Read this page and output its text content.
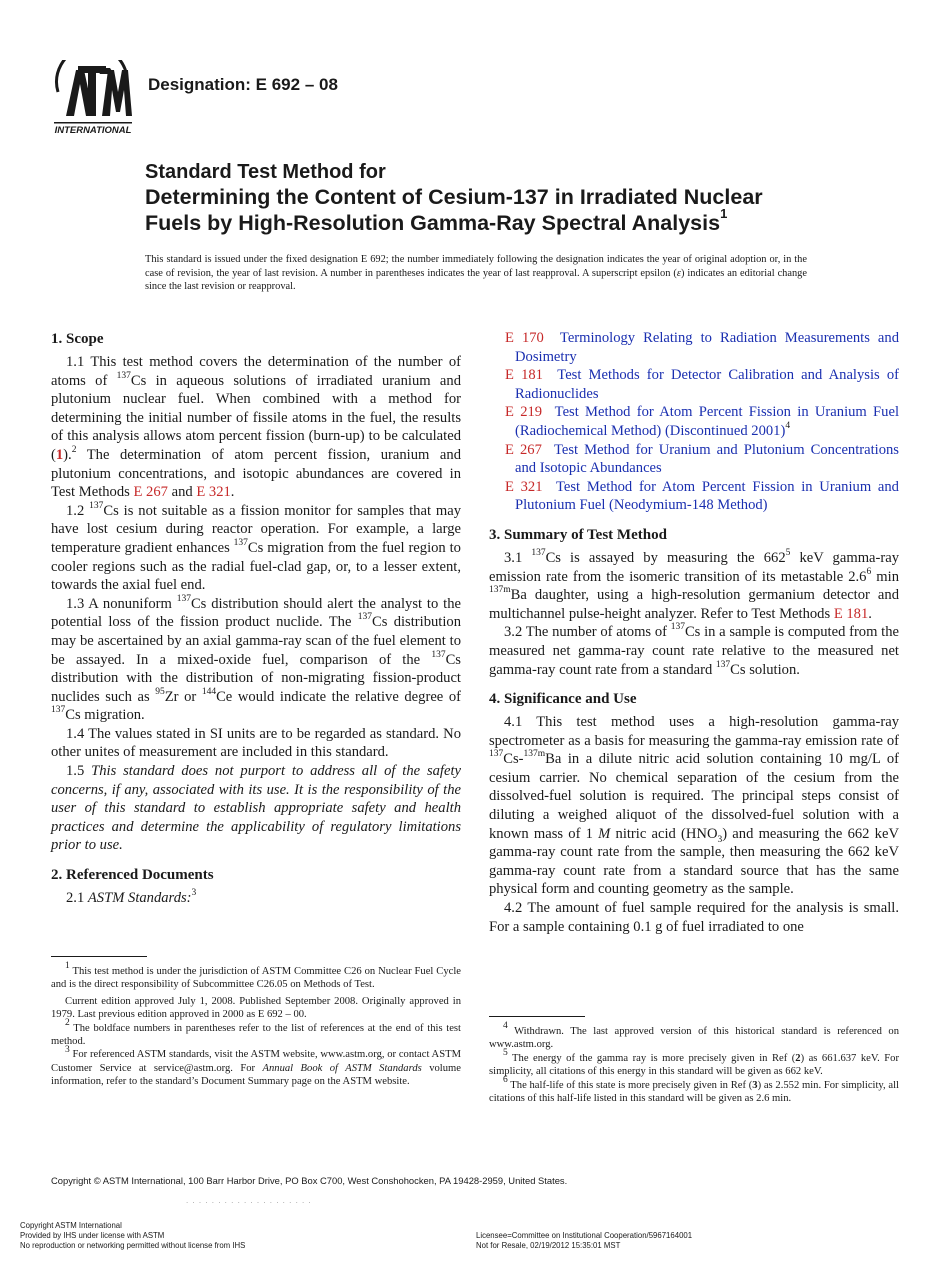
INTERNATIONAL
Designation: E 692 – 08
Standard Test Method for
Determining the Content of Cesium-137 in Irradiated Nuclear
Fuels by High-Resolution Gamma-Ray Spectral Analysis$^1$
This standard is issued under the fixed designation E 692; the number immediately following the designation indicates the year of original adoption or, in the case of revision, the year of last revision. A number in parentheses indicates the year of last reapproval. A superscript epsilon (ε) indicates an editorial change since the last revision or reapproval.
1. Scope

1.1 This test method covers the determination of the number of atoms of $^{137}$Cs in aqueous solutions of irradiated uranium and plutonium nuclear fuel. When combined with a method for determining the initial number of fissile atoms in the fuel, the results of this analysis allows atom percent fission (burn-up) to be calculated (1).$^2$ The determination of atom percent fission, uranium and plutonium concentrations, and isotopic abundances are covered in Test Methods E 267 and E 321.

1.2 $^{137}$Cs is not suitable as a fission monitor for samples that may have lost cesium during reactor operation. For example, a large temperature gradient enhances $^{137}$Cs migration from the fuel region to cooler regions such as the radial fuel-clad gap, or, to a lesser extent, towards the axial fuel end.

1.3 A nonuniform $^{137}$Cs distribution should alert the analyst to the potential loss of the fission product nuclide. The $^{137}$Cs distribution may be ascertained by an axial gamma-ray scan of the fuel element to be assayed. In a mixed-oxide fuel, comparison of the $^{137}$Cs distribution with the distribution of non-migrating fission-product nuclides such as $^{95}$Zr or $^{144}$Ce would indicate the relative degree of $^{137}$Cs migration.

1.4 The values stated in SI units are to be regarded as standard. No other unites of measurement are included in this standard.

1.5 This standard does not purport to address all of the safety concerns, if any, associated with its use. It is the responsibility of the user of this standard to establish appropriate safety and health practices and determine the applicability of regulatory limitations prior to use.

2. Referenced Documents

2.1 ASTM Standards:$^3$

$^1$ This test method is under the jurisdiction of ASTM Committee C26 on Nuclear Fuel Cycle and is the direct responsibility of Subcommittee C26.05 on Methods of Test.

Current edition approved July 1, 2008. Published September 2008. Originally approved in 1979. Last previous edition approved in 2000 as E 692 – 00.

$^2$ The boldface numbers in parentheses refer to the list of references at the end of this test method.

$^3$ For referenced ASTM standards, visit the ASTM website, www.astm.org, or contact ASTM Customer Service at service@astm.org. For Annual Book of ASTM Standards volume information, refer to the standard’s Document Summary page on the ASTM website.

E 170 Terminology Relating to Radiation Measurements and Dosimetry

E 181 Test Methods for Detector Calibration and Analysis of Radionuclides

E 219 Test Method for Atom Percent Fission in Uranium Fuel (Radiochemical Method) (Discontinued 2001)$^4$

E 267 Test Method for Uranium and Plutonium Concentrations and Isotopic Abundances

E 321 Test Method for Atom Percent Fission in Uranium and Plutonium Fuel (Neodymium-148 Method)

3. Summary of Test Method

3.1 $^{137}$Cs is assayed by measuring the $662^5$ keV gamma-ray emission rate from the isomeric transition of its metastable $2.6^6$ min $^{137m}$Ba daughter, using a high-resolution germanium detector and multichannel pulse-height analyzer. Refer to Test Methods E 181.

3.2 The number of atoms of $^{137}$Cs in a sample is computed from the measured net gamma-ray count rate relative to the measured net gamma-ray count rate from a standard $^{137}$Cs solution.

4. Significance and Use

4.1 This test method uses a high-resolution gamma-ray spectrometer as a basis for measuring the gamma-ray emission rate of $^{137}$Cs-$^{137m}$Ba in a dilute nitric acid solution containing 10 mg/L of cesium carrier. No chemical separation of the cesium from the dissolved-fuel solution is required. The principal steps consist of diluting a weighed aliquot of the dissolved-fuel solution with a known mass of 1 M nitric acid $(HNO_3)$ and measuring the 662 keV gamma-ray count rate from the sample, then measuring the 662 keV gamma-ray count rate from a standard source that has the same physical form and counting geometry as the sample.

4.2 The amount of fuel sample required for the analysis is small. For a sample containing 0.1 g of fuel irradiated to one

$^4$ Withdrawn. The last approved version of this historical standard is referenced on www.astm.org.

$^5$ The energy of the gamma ray is more precisely given in Ref (2) as 661.637 keV. For simplicity, all citations of this energy in this standard will be given as 662 keV.

$^6$ The half-life of this state is more precisely given in Ref (3) as 2.552 min. For simplicity, all citations of this half-life listed in this standard will be given as 2.6 min.

Copyright © ASTM International, 100 Barr Harbor Drive, PO Box C700, West Conshohocken, PA 19428-2959, United States.
. . . . . . . . . . . . . . . . . . . .
Copyright ASTM International
Provided by IHS under license with ASTM
No reproduction or networking permitted without license from IHS
Licensee=Committee on Institutional Cooperation/5967164001
Not for Resale, 02/19/2012 15:35:01 MST
